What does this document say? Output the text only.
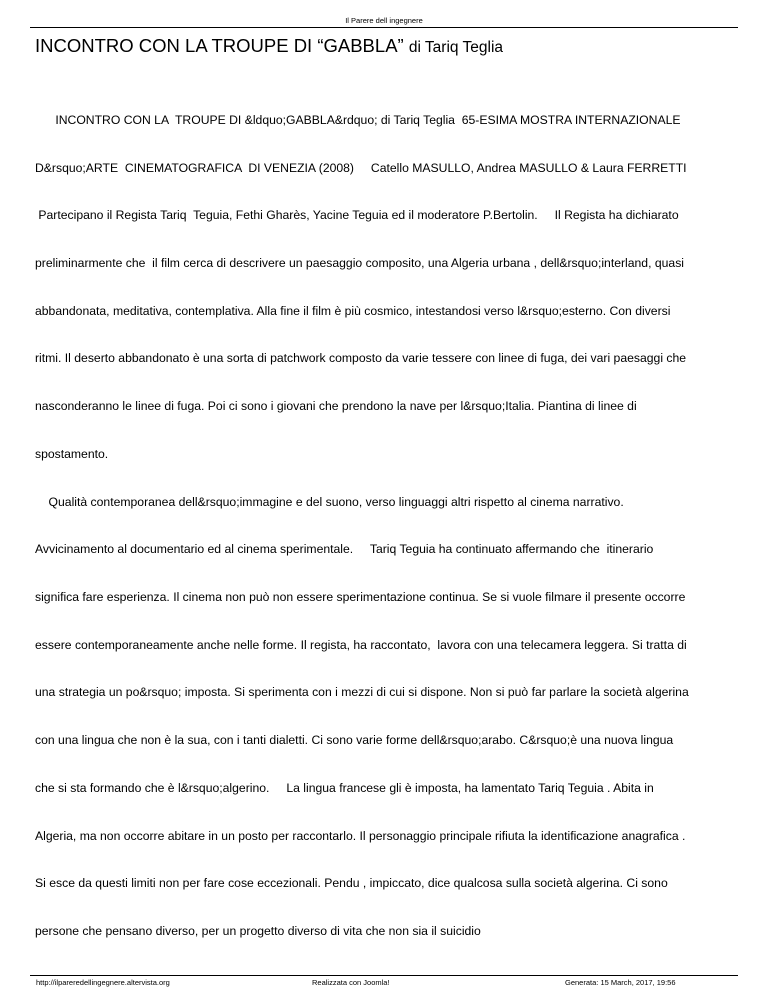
Il Parere dell ingegnere
INCONTRO CON LA TROUPE DI “GABBLA” di Tariq Teglia

INCONTRO CON LA  TROUPE DI &ldquo;GABBLA&rdquo; di Tariq Teglia  65-ESIMA MOSTRA INTERNAZIONALE

D&rsquo;ARTE  CINEMATOGRAFICA  DI VENEZIA (2008)     Catello MASULLO, Andrea MASULLO & Laura FERRETTI

Partecipano il Regista Tariq  Teguia, Fethi Gharès, Yacine Teguia ed il moderatore P.Bertolin.     Il Regista ha dichiarato

preliminarmente che  il film cerca di descrivere un paesaggio composito, una Algeria urbana , dell&rsquo;interland, quasi

abbandonata, meditativa, contemplativa. Alla fine il film è più cosmico, intestandosi verso l&rsquo;esterno. Con diversi

ritmi. Il deserto abbandonato è una sorta di patchwork composto da varie tessere con linee di fuga, dei vari paesaggi che

nasconderanno le linee di fuga. Poi ci sono i giovani che prendono la nave per l&rsquo;Italia. Piantina di linee di

spostamento.

Qualità contemporanea dell&rsquo;immagine e del suono, verso linguaggi altri rispetto al cinema narrativo.

Avvicinamento al documentario ed al cinema sperimentale.     Tariq Teguia ha continuato affermando che  itinerario

significa fare esperienza. Il cinema non può non essere sperimentazione continua. Se si vuole filmare il presente occorre

essere contemporaneamente anche nelle forme. Il regista, ha raccontato,  lavora con una telecamera leggera. Si tratta di

una strategia un po&rsquo; imposta. Si sperimenta con i mezzi di cui si dispone. Non si può far parlare la società algerina

con una lingua che non è la sua, con i tanti dialetti. Ci sono varie forme dell&rsquo;arabo. C&rsquo;è una nuova lingua

che si sta formando che è l&rsquo;algerino.     La lingua francese gli è imposta, ha lamentato Tariq Teguia . Abita in

Algeria, ma non occorre abitare in un posto per raccontarlo. Il personaggio principale rifiuta la identificazione anagrafica .

Si esce da questi limiti non per fare cose eccezionali. Pendu , impiccato, dice qualcosa sulla società algerina. Ci sono

persone che pensano diverso, per un progetto diverso di vita che non sia il suicidio

http://ilpareredellingegnere.altervista.org	Realizzata con Joomla!	Generata: 15 March, 2017, 19:56
